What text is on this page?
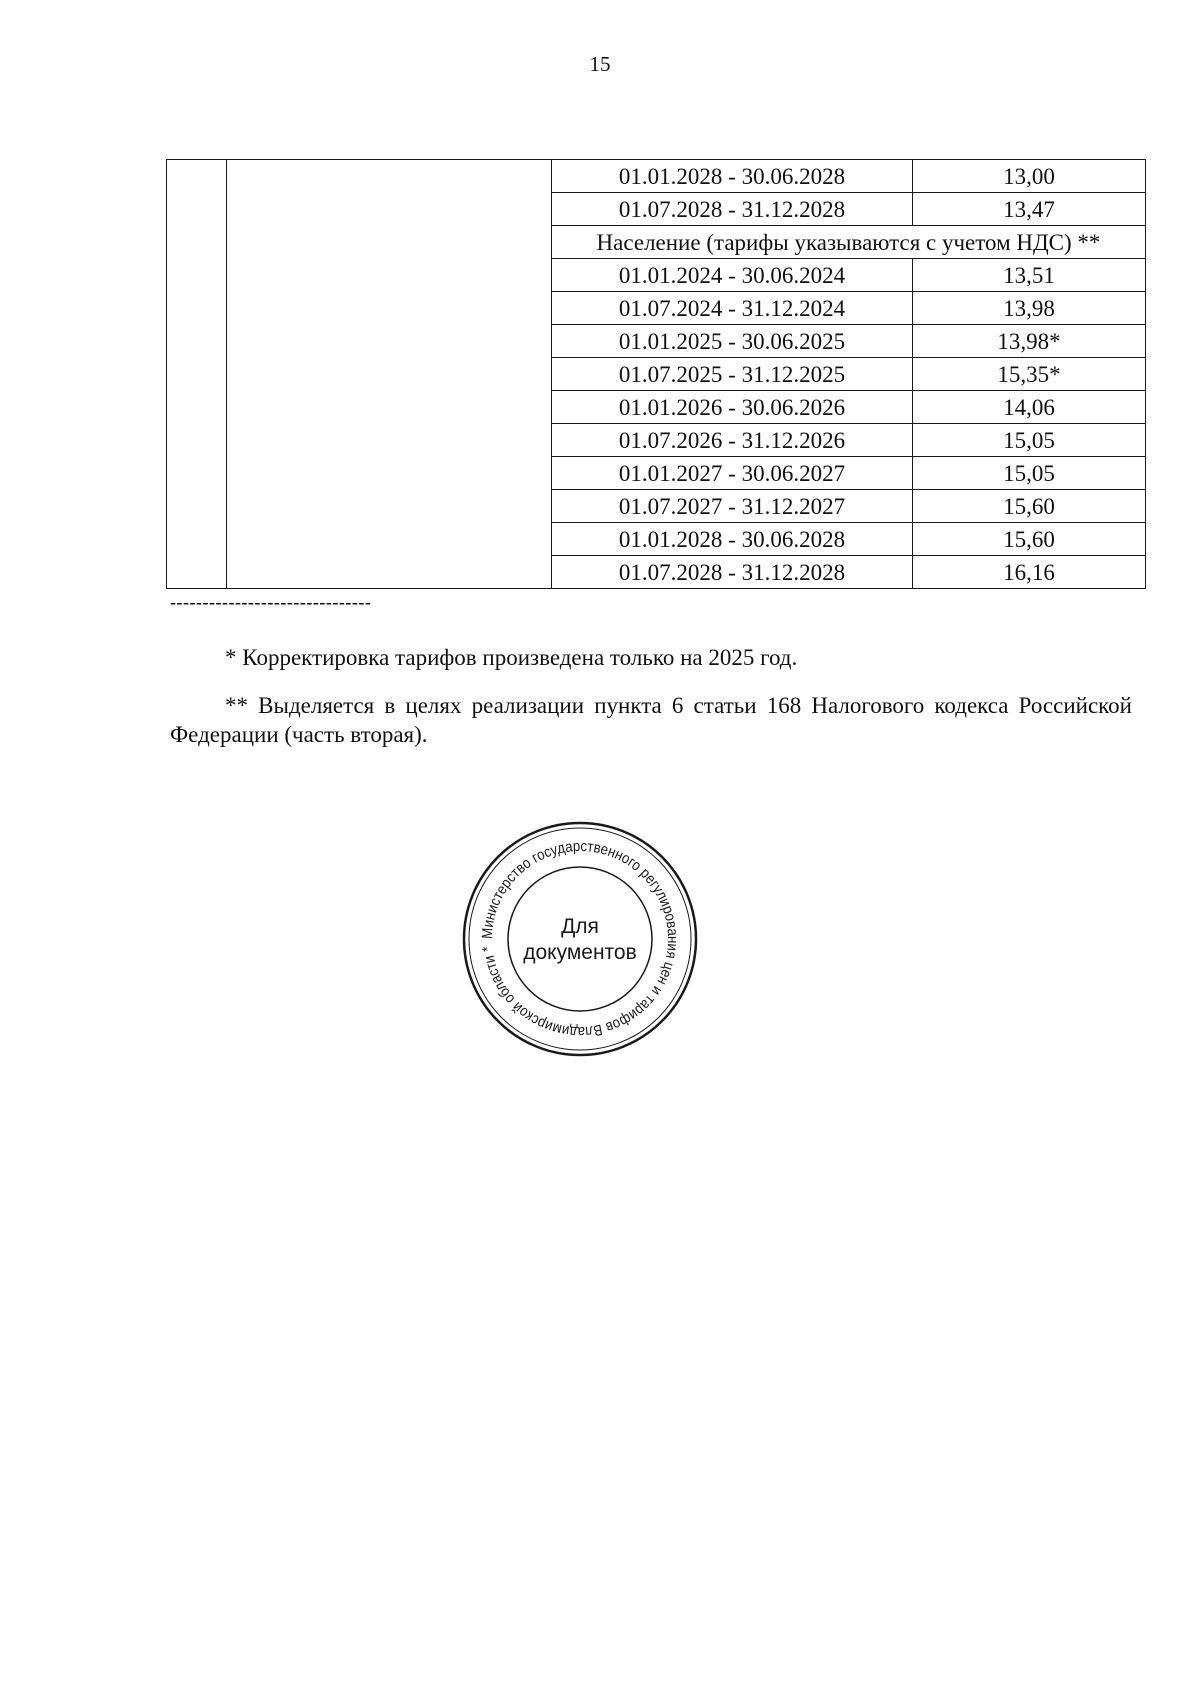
15
		01.01.2028 - 30.06.2028	13,00
		01.07.2028 - 31.12.2028	13,47
		Население (тарифы указываются с учетом НДС) **	
		01.01.2024 - 30.06.2024	13,51
		01.07.2024 - 31.12.2024	13,98
		01.01.2025 - 30.06.2025	13,98*
		01.07.2025 - 31.12.2025	15,35*
		01.01.2026 - 30.06.2026	14,06
		01.07.2026 - 31.12.2026	15,05
		01.01.2027 - 30.06.2027	15,05
		01.07.2027 - 31.12.2027	15,60
		01.01.2028 - 30.06.2028	15,60
		01.07.2028 - 31.12.2028	16,16
-------------------------------

* Корректировка тарифов произведена только на 2025 год.

** Выделяется в целях реализации пункта 6 статьи 168 Налогового кодекса Российской Федерации (часть вторая).

Министерство государственного регулирования цен и тарифов Владимирской области *
Для
документов
